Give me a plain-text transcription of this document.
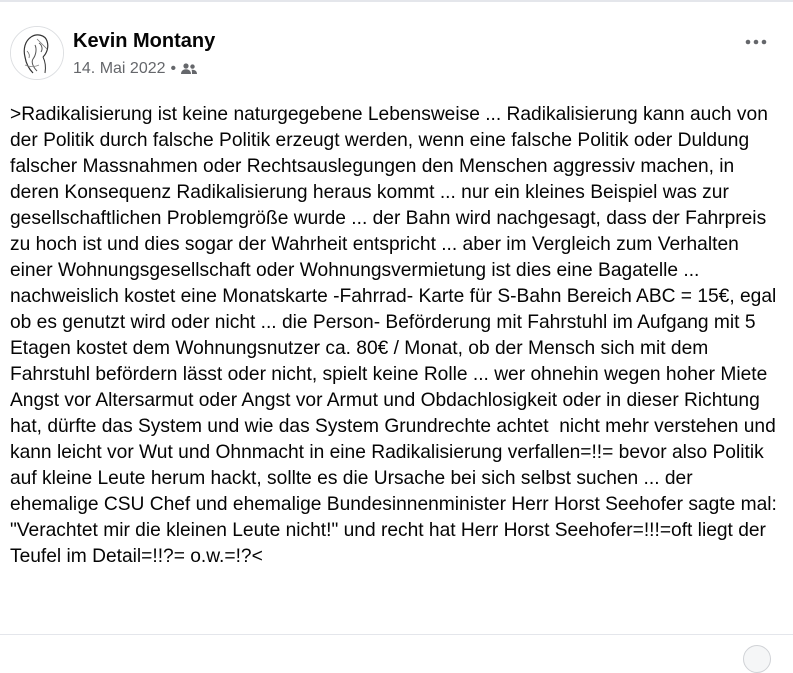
Kevin Montany
14. Mai 2022 •
>Radikalisierung ist keine naturgegebene Lebensweise ... Radikalisierung kann auch von der Politik durch falsche Politik erzeugt werden, wenn eine falsche Politik oder Duldung falscher Massnahmen oder Rechtsauslegungen den Menschen aggressiv machen, in deren Konsequenz Radikalisierung heraus kommt ... nur ein kleines Beispiel was zur gesellschaftlichen Problemgröße wurde ... der Bahn wird nachgesagt, dass der Fahrpreis zu hoch ist und dies sogar der Wahrheit entspricht ... aber im Vergleich zum Verhalten einer Wohnungsgesellschaft oder Wohnungsvermietung ist dies eine Bagatelle ... nachweislich kostet eine Monatskarte -Fahrrad- Karte für S-Bahn Bereich ABC = 15€, egal ob es genutzt wird oder nicht ... die Person- Beförderung mit Fahrstuhl im Aufgang mit 5 Etagen kostet dem Wohnungsnutzer ca. 80€ / Monat, ob der Mensch sich mit dem Fahrstuhl befördern lässt oder nicht, spielt keine Rolle ... wer ohnehin wegen hoher Miete Angst vor Altersarmut oder Angst vor Armut und Obdachlosigkeit oder in dieser Richtung hat, dürfte das System und wie das System Grundrechte achtet  nicht mehr verstehen und kann leicht vor Wut und Ohnmacht in eine Radikalisierung verfallen=!!= bevor also Politik auf kleine Leute herum hackt, sollte es die Ursache bei sich selbst suchen ... der ehemalige CSU Chef und ehemalige Bundesinnenminister Herr Horst Seehofer sagte mal: "Verachtet mir die kleinen Leute nicht!" und recht hat Herr Horst Seehofer=!!!=oft liegt der Teufel im Detail=!!?= o.w.=!?<
